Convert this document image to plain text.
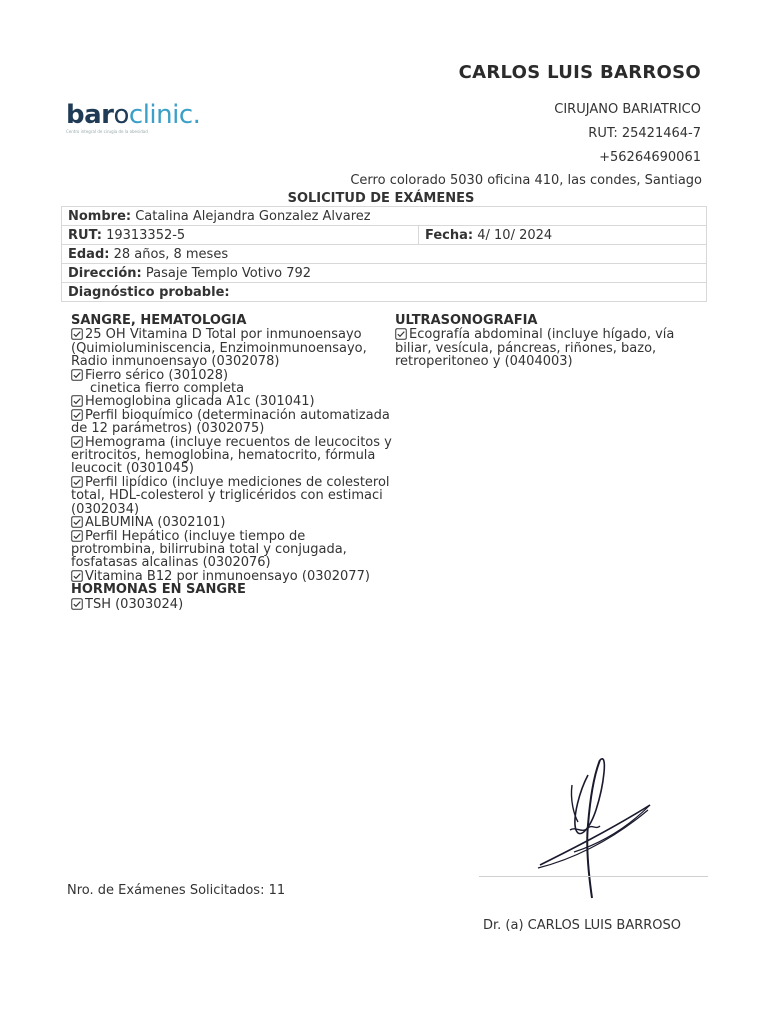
CARLOS LUIS BARROSO
CIRUJANO BARIATRICO
RUT: 25421464-7
+56264690061
Cerro colorado 5030 oficina 410, las condes, Santiago
baroclinic.
Centro integral de cirugía de la obesidad
SOLICITUD DE EXÁMENES
Nombre: Catalina Alejandra Gonzalez Alvarez
RUT: 19313352-5	Fecha: 4/ 10/ 2024
Edad: 28 años, 8 meses
Dirección: Pasaje Templo Votivo 792
Diagnóstico probable:
SANGRE, HEMATOLOGIA
25 OH Vitamina D Total por inmunoensayo (Quimioluminiscencia, Enzimoinmunoensayo, Radio inmunoensayo (0302078)
Fierro sérico (301028)
cinetica fierro completa
Hemoglobina glicada A1c (301041)
Perfil bioquímico (determinación automatizada de 12 parámetros) (0302075)
Hemograma (incluye recuentos de leucocitos y eritrocitos, hemoglobina, hematocrito, fórmula leucocit (0301045)
Perfil lipídico (incluye mediciones de colesterol total, HDL-colesterol y triglicéridos con estimaci (0302034)
ALBUMINA (0302101)
Perfil Hepático (incluye tiempo de protrombina, bilirrubina total y conjugada, fosfatasas alcalinas (0302076)
Vitamina B12 por inmunoensayo (0302077)
HORMONAS EN SANGRE
TSH (0303024)
ULTRASONOGRAFIA
Ecografía abdominal (incluye hígado, vía biliar, vesícula, páncreas, riñones, bazo, retroperitoneo y (0404003)
Nro. de Exámenes Solicitados: 11
Dr. (a) CARLOS LUIS BARROSO
